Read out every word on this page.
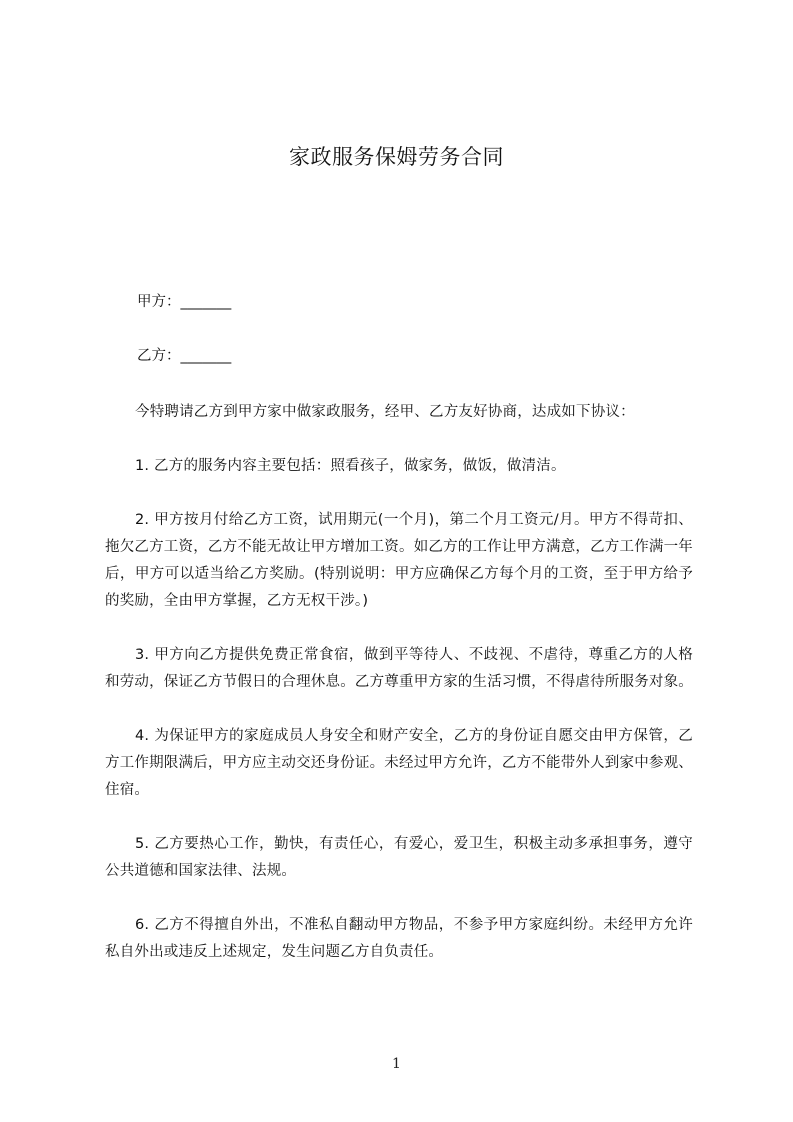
家政服务保姆劳务合同
甲方：_______
乙方：_______

今特聘请乙方到甲方家中做家政服务，经甲、乙方友好协商，达成如下协议：

1. 乙方的服务内容主要包括：照看孩子，做家务，做饭，做清洁。

2. 甲方按月付给乙方工资，试用期元(一个月)，第二个月工资元/月。甲方不得苛扣、拖欠乙方工资，乙方不能无故让甲方增加工资。如乙方的工作让甲方满意，乙方工作满一年后，甲方可以适当给乙方奖励。(特别说明：甲方应确保乙方每个月的工资，至于甲方给予的奖励，全由甲方掌握，乙方无权干涉。)

3. 甲方向乙方提供免费正常食宿，做到平等待人、不歧视、不虐待，尊重乙方的人格和劳动，保证乙方节假日的合理休息。乙方尊重甲方家的生活习惯，不得虐待所服务对象。

4. 为保证甲方的家庭成员人身安全和财产安全，乙方的身份证自愿交由甲方保管，乙方工作期限满后，甲方应主动交还身份证。未经过甲方允许，乙方不能带外人到家中参观、住宿。

5. 乙方要热心工作，勤快，有责任心，有爱心，爱卫生，积极主动多承担事务，遵守公共道德和国家法律、法规。

6. 乙方不得擅自外出，不准私自翻动甲方物品，不参予甲方家庭纠纷。未经甲方允许私自外出或违反上述规定，发生问题乙方自负责任。

1
